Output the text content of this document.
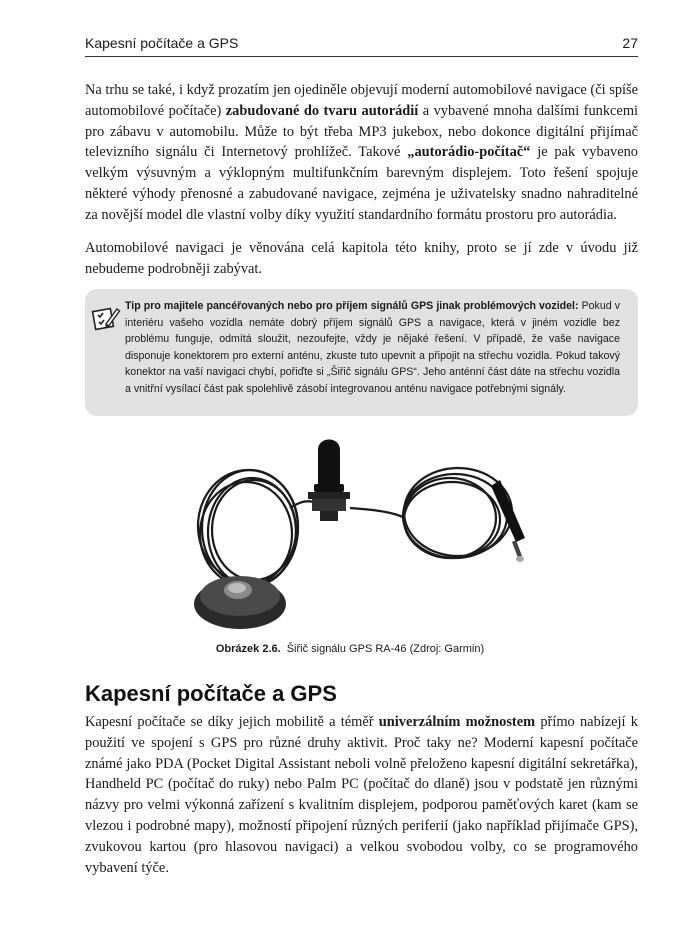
Kapesní počítače a GPS	27

Na trhu se také, i když prozatím jen ojediněle objevují moderní automobilové navigace (či spíše automobilové počítače) zabudované do tvaru autorádií a vybavené mnoha dalšími funkcemi pro zábavu v automobilu. Může to být třeba MP3 jukebox, nebo dokonce digitální přijímač televizního signálu či Internetový prohlížeč. Takové „autorádio-počítač“ je pak vybaveno velkým výsuvným a výklopným multifunkčním barevným displejem. Toto řešení spojuje některé výhody přenosné a zabudované navigace, zejména je uživatelsky snadno nahraditelné za novější model dle vlastní volby díky využití standardního formátu prostoru pro autorádia.

Automobilové navigaci je věnována celá kapitola této knihy, proto se jí zde v úvodu již nebudeme podrobněji zabývat.

Tip pro majitele pancéřovaných nebo pro příjem signálů GPS jinak problémových vozidel: Pokud v interiéru vašeho vozidla nemáte dobrý příjem signálů GPS a navigace, která v jiném vozidle bez problému funguje, odmítá sloužit, nezoufejte, vždy je nějaké řešení. V případě, že vaše navigace disponuje konektorem pro externí anténu, zkuste tuto upevnit a připojit na střechu vozidla. Pokud takový konektor na vaší navigaci chybí, pořiďte si „Šiřič signálu GPS“. Jeho anténní část dáte na střechu vozidla a vnitřní vysílací část pak spolehlivě zásobí integrovanou anténu navigace potřebnými signály.
Obrázek 2.6. Šiřič signálu GPS RA-46 (Zdroj: Garmin)
Kapesní počítače a GPS

Kapesní počítače se díky jejich mobilitě a téměř univerzálním možnostem přímo nabízejí k použití ve spojení s GPS pro různé druhy aktivit. Proč taky ne? Moderní kapesní počítače známé jako PDA (Pocket Digital Assistant neboli volně přeloženo kapesní digitální sekretářka), Handheld PC (počítač do ruky) nebo Palm PC (počítač do dlaně) jsou v podstatě jen různými názvy pro velmi výkonná zařízení s kvalitním displejem, podporou paměťových karet (kam se vlezou i podrobné mapy), možností připojení různých periferií (jako například přijímače GPS), zvukovou kartou (pro hlasovou navigaci) a velkou svobodou volby, co se programového vybavení týče.
